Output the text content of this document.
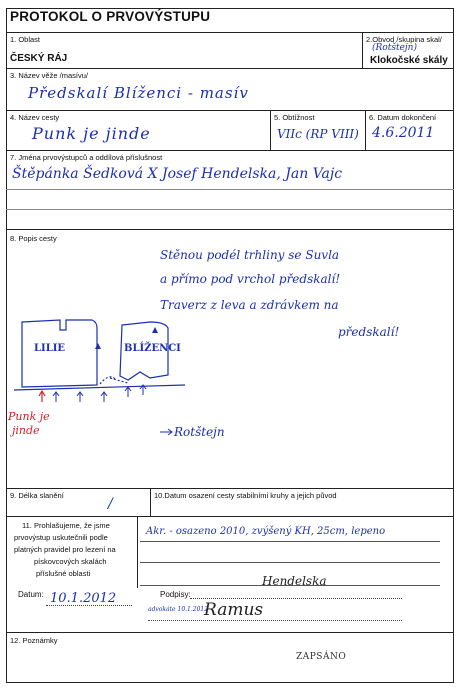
PROTOKOL O PRVOVÝSTUPU
1. Oblast
ČESKÝ RÁJ
2.Obvod /skupina skal/
(Rotštejn)
Klokočské skály
3. Název věže /masívu/
Předskalí Blíženci - masív
4. Název cesty
Punk je jinde
5. Obtížnost
VIIc (RP VIII)
6. Datum dokončení
4.6.2011
7. Jména prvovýstupců a oddílová příslušnost
Štěpánka Šedková X Josef Hendelska, Jan Vajc
8. Popis cesty
Stěnou podél trhliny se Suvla
a přímo pod vrchol předskalí!
Traverz z leva a zdrávkem na
předskalí!
LILIE	BLÍŽENCI
Punk je
jinde	Rotštejn
9. Délka slanění
/
10.Datum osazení cesty stabilními kruhy a jejich původ
11. Prohlašujeme, že jsme
prvovýstup uskutečnili podle
platných pravidel pro lezení na
pískovcových skalách
příslušné oblasti
Akr. - osazeno 2010, zvýšený KH, 25cm, lepeno
Datum: 10.1.2012	Podpisy:
Hendelska
advokáte 10.1.2012
Ramus
12. Poznámky
ZAPSÁNO
